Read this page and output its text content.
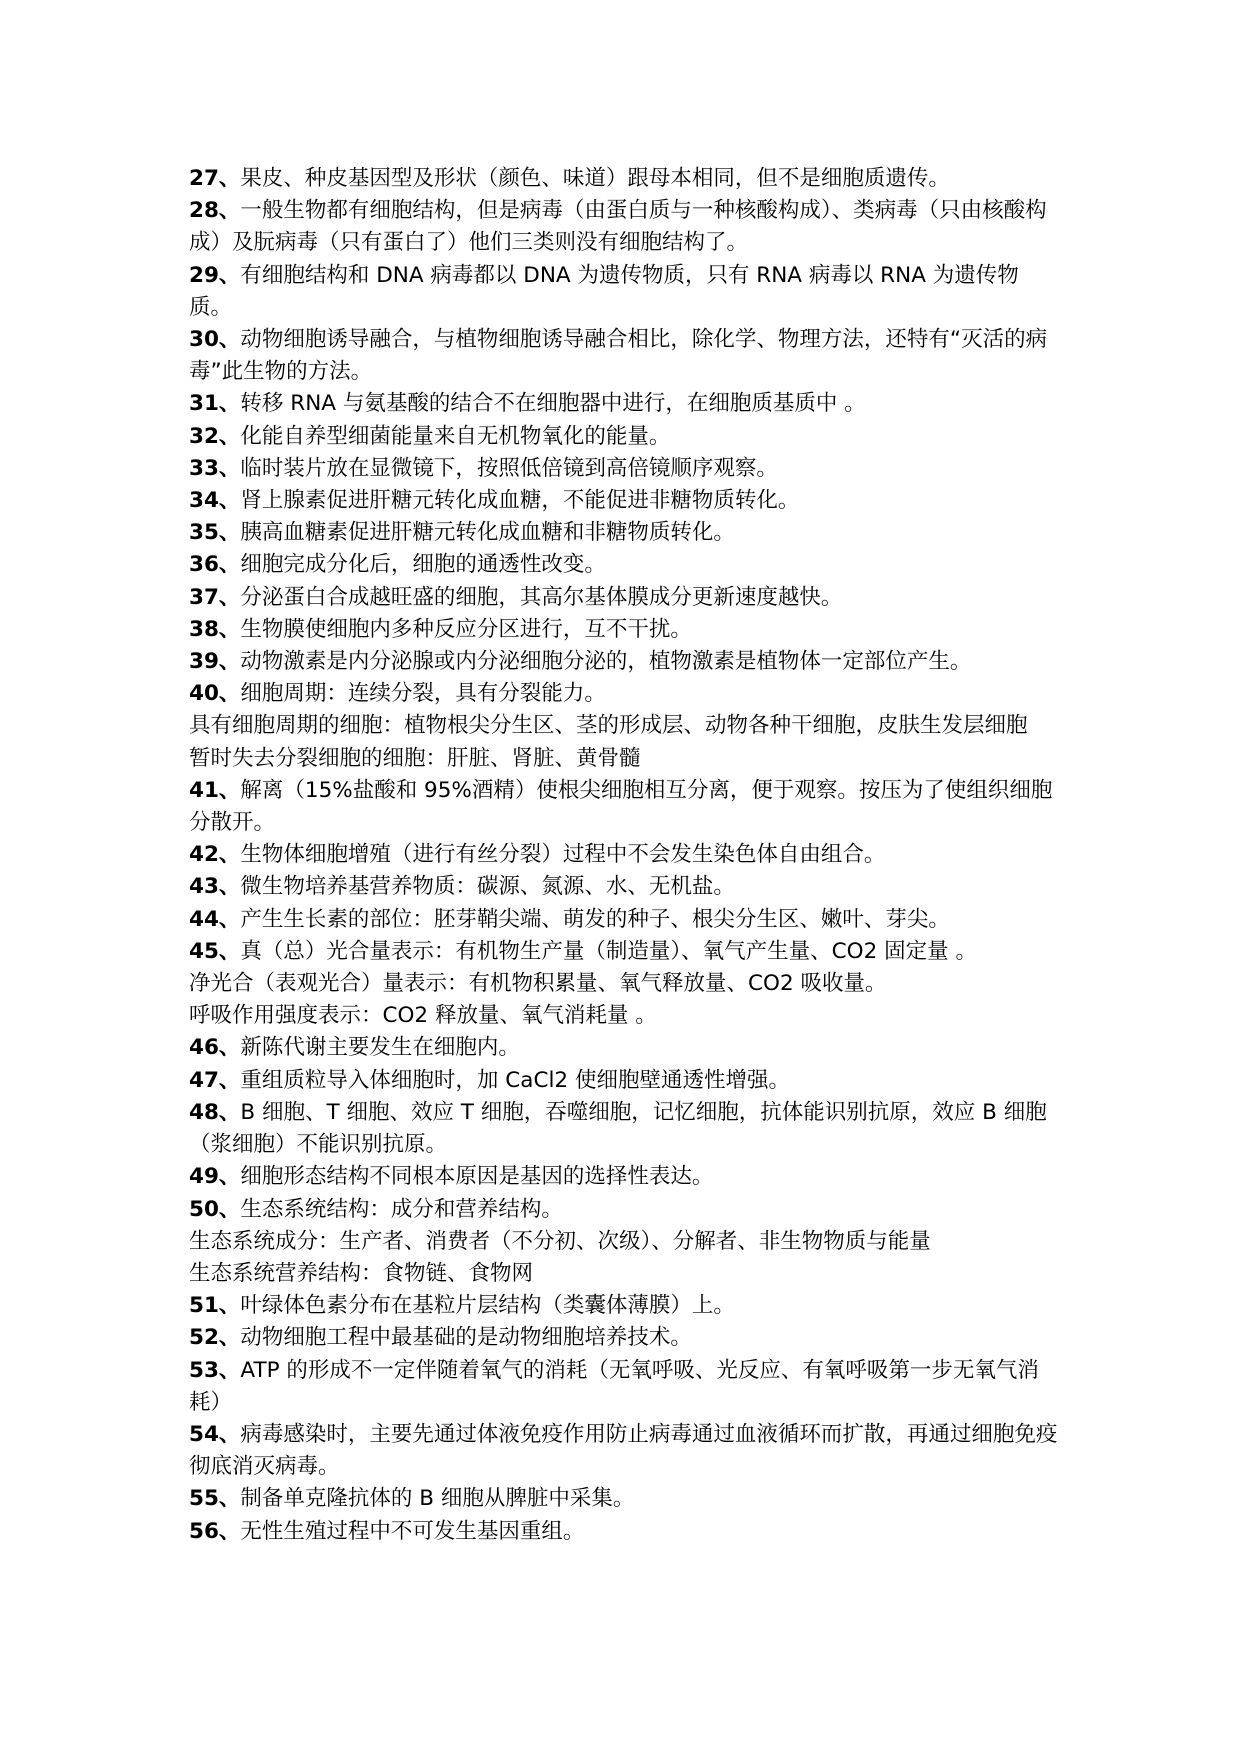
27、果皮、种皮基因型及形状（颜色、味道）跟母本相同，但不是细胞质遗传。

28、一般生物都有细胞结构，但是病毒（由蛋白质与一种核酸构成）、类病毒（只由核酸构成）及朊病毒（只有蛋白了）他们三类则没有细胞结构了。

29、有细胞结构和 DNA 病毒都以 DNA 为遗传物质，只有 RNA 病毒以 RNA 为遗传物质。

30、动物细胞诱导融合，与植物细胞诱导融合相比，除化学、物理方法，还特有“灭活的病毒”此生物的方法。

31、转移 RNA 与氨基酸的结合不在细胞器中进行，在细胞质基质中 。

32、化能自养型细菌能量来自无机物氧化的能量。

33、临时装片放在显微镜下，按照低倍镜到高倍镜顺序观察。

34、肾上腺素促进肝糖元转化成血糖，不能促进非糖物质转化。

35、胰高血糖素促进肝糖元转化成血糖和非糖物质转化。

36、细胞完成分化后，细胞的通透性改变。

37、分泌蛋白合成越旺盛的细胞，其高尔基体膜成分更新速度越快。

38、生物膜使细胞内多种反应分区进行，互不干扰。

39、动物激素是内分泌腺或内分泌细胞分泌的，植物激素是植物体一定部位产生。

40、细胞周期：连续分裂，具有分裂能力。

具有细胞周期的细胞：植物根尖分生区、茎的形成层、动物各种干细胞，皮肤生发层细胞

暂时失去分裂细胞的细胞：肝脏、肾脏、黄骨髓

41、解离（15%盐酸和 95%酒精）使根尖细胞相互分离，便于观察。按压为了使组织细胞分散开。

42、生物体细胞增殖（进行有丝分裂）过程中不会发生染色体自由组合。

43、微生物培养基营养物质：碳源、氮源、水、无机盐。

44、产生生长素的部位：胚芽鞘尖端、萌发的种子、根尖分生区、嫩叶、芽尖。

45、真（总）光合量表示：有机物生产量（制造量）、氧气产生量、CO2 固定量 。

净光合（表观光合）量表示：有机物积累量、氧气释放量、CO2 吸收量。

呼吸作用强度表示：CO2 释放量、氧气消耗量 。

46、新陈代谢主要发生在细胞内。

47、重组质粒导入体细胞时，加 CaCl2 使细胞壁通透性增强。

48、B 细胞、T 细胞、效应 T 细胞，吞噬细胞，记忆细胞，抗体能识别抗原，效应 B 细胞（浆细胞）不能识别抗原。

49、细胞形态结构不同根本原因是基因的选择性表达。

50、生态系统结构：成分和营养结构。

生态系统成分：生产者、消费者（不分初、次级）、分解者、非生物物质与能量

生态系统营养结构：食物链、食物网

51、叶绿体色素分布在基粒片层结构（类囊体薄膜）上。

52、动物细胞工程中最基础的是动物细胞培养技术。

53、ATP 的形成不一定伴随着氧气的消耗（无氧呼吸、光反应、有氧呼吸第一步无氧气消耗）

54、病毒感染时，主要先通过体液免疫作用防止病毒通过血液循环而扩散，再通过细胞免疫彻底消灭病毒。

55、制备单克隆抗体的 B 细胞从脾脏中采集。

56、无性生殖过程中不可发生基因重组。
